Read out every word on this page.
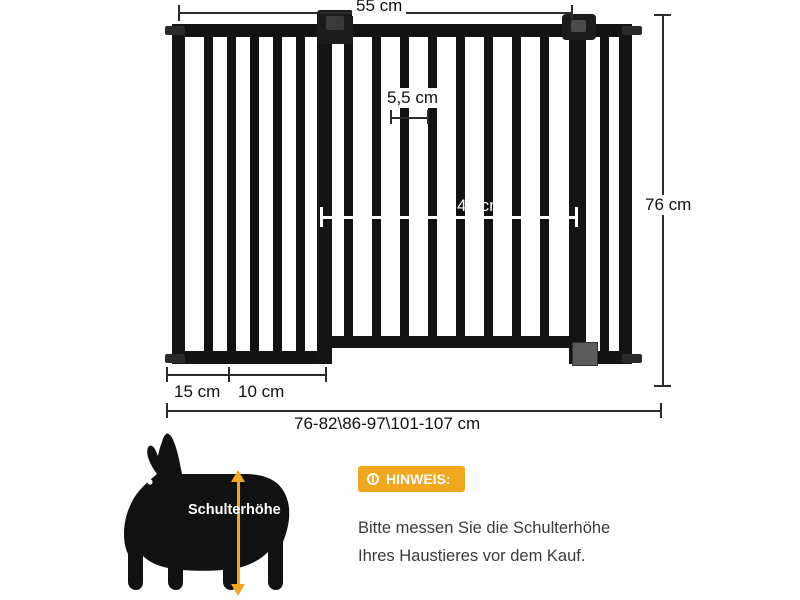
55 cm
5,5 cm
49 cm	76 cm
15 cm 10 cm
76-82\86-97\101-107 cm
Schulterhöhe
HINWEIS:
Bitte messen Sie die Schulterhöhe
Ihres Haustieres vor dem Kauf.
